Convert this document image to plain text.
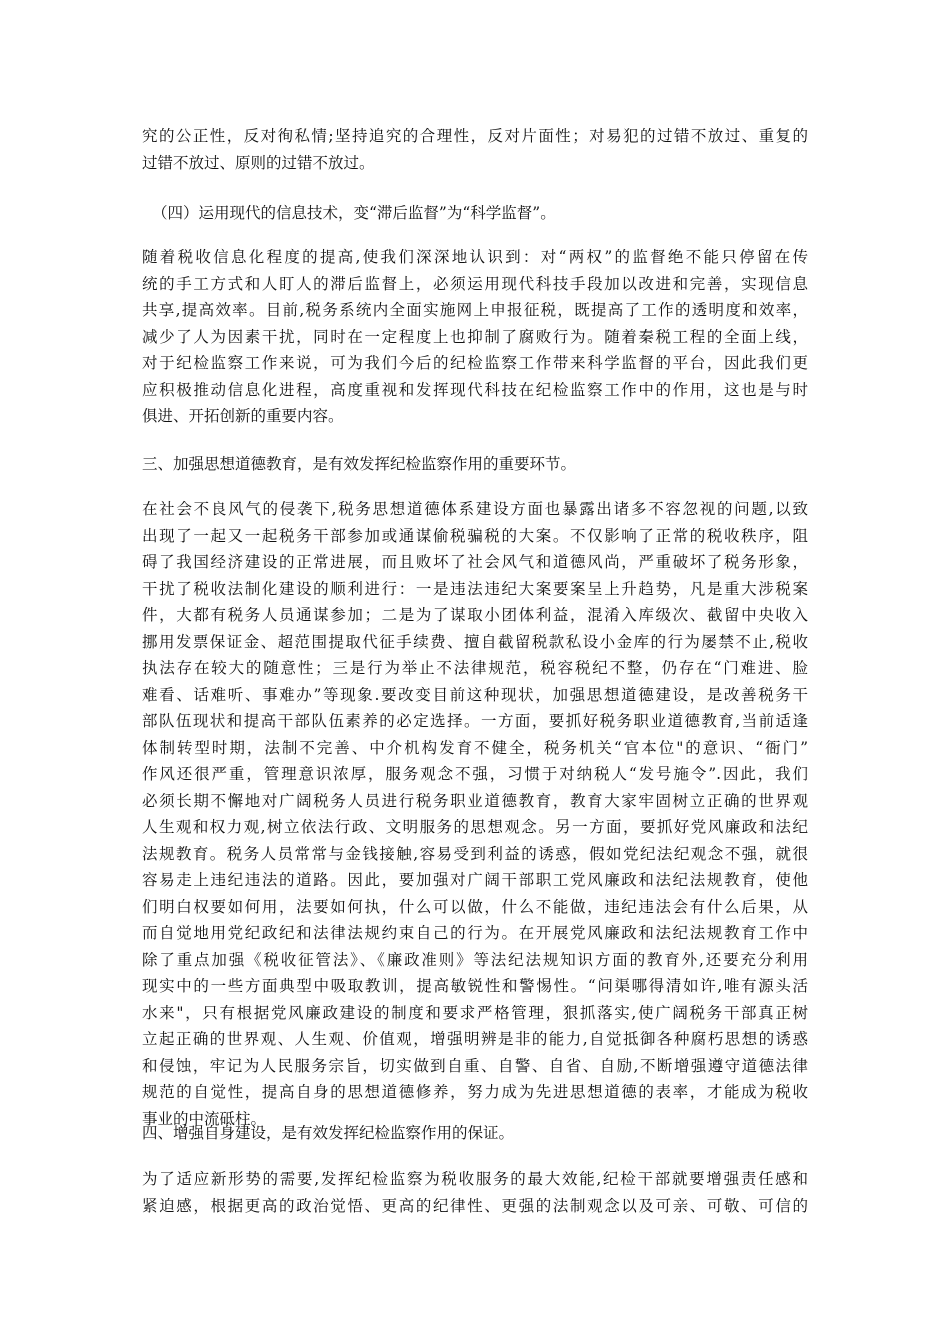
究的公正性，反对徇私情;坚持追究的合理性，反对片面性；对易犯的过错不放过、重复的
过错不放过、原则的过错不放过。
（四）运用现代的信息技术，变“滞后监督”为“科学监督”。
随着税收信息化程度的提高,使我们深深地认识到：对“两权”的监督绝不能只停留在传
统的手工方式和人盯人的滞后监督上，必须运用现代科技手段加以改进和完善，实现信息
共享,提高效率。目前,税务系统内全面实施网上申报征税，既提高了工作的透明度和效率，
减少了人为因素干扰，同时在一定程度上也抑制了腐败行为。随着秦税工程的全面上线，
对于纪检监察工作来说，可为我们今后的纪检监察工作带来科学监督的平台，因此我们更
应积极推动信息化进程，高度重视和发挥现代科技在纪检监察工作中的作用，这也是与时
俱进、开拓创新的重要内容。
三、加强思想道德教育，是有效发挥纪检监察作用的重要环节。
在社会不良风气的侵袭下,税务思想道德体系建设方面也暴露出诸多不容忽视的问题,以致
出现了一起又一起税务干部参加或通谋偷税骗税的大案。不仅影响了正常的税收秩序，阻
碍了我国经济建设的正常进展，而且败坏了社会风气和道德风尚，严重破坏了税务形象，
干扰了税收法制化建设的顺利进行：一是违法违纪大案要案呈上升趋势，凡是重大涉税案
件，大都有税务人员通谋参加；二是为了谋取小团体利益，混淆入库级次、截留中央收入
挪用发票保证金、超范围提取代征手续费、擅自截留税款私设小金库的行为屡禁不止,税收
执法存在较大的随意性；三是行为举止不法律规范，税容税纪不整，仍存在“门难进、脸
难看、话难听、事难办”等现象.要改变目前这种现状，加强思想道德建设，是改善税务干
部队伍现状和提高干部队伍素养的必定选择。一方面，要抓好税务职业道德教育,当前适逢
体制转型时期，法制不完善、中介机构发育不健全，税务机关“官本位"的意识、“衙门”
作风还很严重，管理意识浓厚，服务观念不强，习惯于对纳税人“发号施令”.因此，我们
必须长期不懈地对广阔税务人员进行税务职业道德教育，教育大家牢固树立正确的世界观
人生观和权力观,树立依法行政、文明服务的思想观念。另一方面，要抓好党风廉政和法纪
法规教育。税务人员常常与金钱接触,容易受到利益的诱惑，假如党纪法纪观念不强，就很
容易走上违纪违法的道路。因此，要加强对广阔干部职工党风廉政和法纪法规教育，使他
们明白权要如何用，法要如何执，什么可以做，什么不能做，违纪违法会有什么后果，从
而自觉地用党纪政纪和法律法规约束自己的行为。在开展党风廉政和法纪法规教育工作中
除了重点加强《税收征管法》、《廉政准则》等法纪法规知识方面的教育外,还要充分利用
现实中的一些方面典型中吸取教训，提高敏锐性和警惕性。“问渠哪得清如许,唯有源头活
水来"，只有根据党风廉政建设的制度和要求严格管理，狠抓落实,使广阔税务干部真正树
立起正确的世界观、人生观、价值观，增强明辨是非的能力,自觉抵御各种腐朽思想的诱惑
和侵蚀，牢记为人民服务宗旨，切实做到自重、自警、自省、自励,不断增强遵守道德法律
规范的自觉性，提高自身的思想道德修养，努力成为先进思想道德的表率，才能成为税收
事业的中流砥柱。
四、增强自身建设，是有效发挥纪检监察作用的保证。
为了适应新形势的需要,发挥纪检监察为税收服务的最大效能,纪检干部就要增强责任感和
紧迫感，根据更高的政治觉悟、更高的纪律性、更强的法制观念以及可亲、可敬、可信的
